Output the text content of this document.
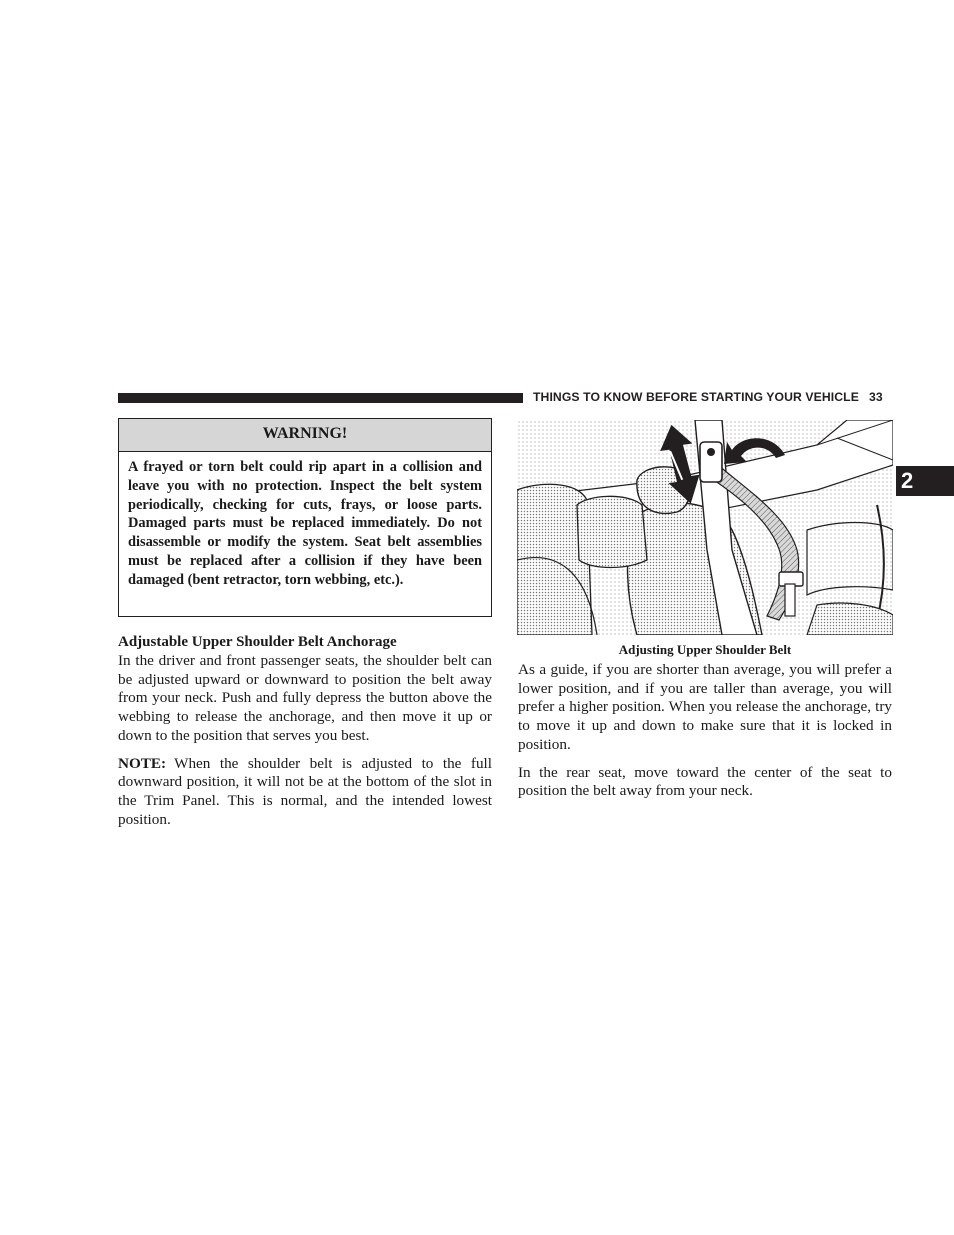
THINGS TO KNOW BEFORE STARTING YOUR VEHICLE 33
2
WARNING!
A frayed or torn belt could rip apart in a collision and leave you with no protection. Inspect the belt system periodically, checking for cuts, frays, or loose parts. Damaged parts must be replaced immediately. Do not disassemble or modify the system. Seat belt assemblies must be replaced after a collision if they have been damaged (bent retractor, torn webbing, etc.).

Adjustable Upper Shoulder Belt Anchorage

In the driver and front passenger seats, the shoulder belt can be adjusted upward or downward to position the belt away from your neck. Push and fully depress the button above the webbing to release the anchorage, and then move it up or down to the position that serves you best.

NOTE: When the shoulder belt is adjusted to the full downward position, it will not be at the bottom of the slot in the Trim Panel. This is normal, and the intended lowest position.

··
Adjusting Upper Shoulder Belt

As a guide, if you are shorter than average, you will prefer a lower position, and if you are taller than average, you will prefer a higher position. When you release the anchorage, try to move it up and down to make sure that it is locked in position.

In the rear seat, move toward the center of the seat to position the belt away from your neck.
